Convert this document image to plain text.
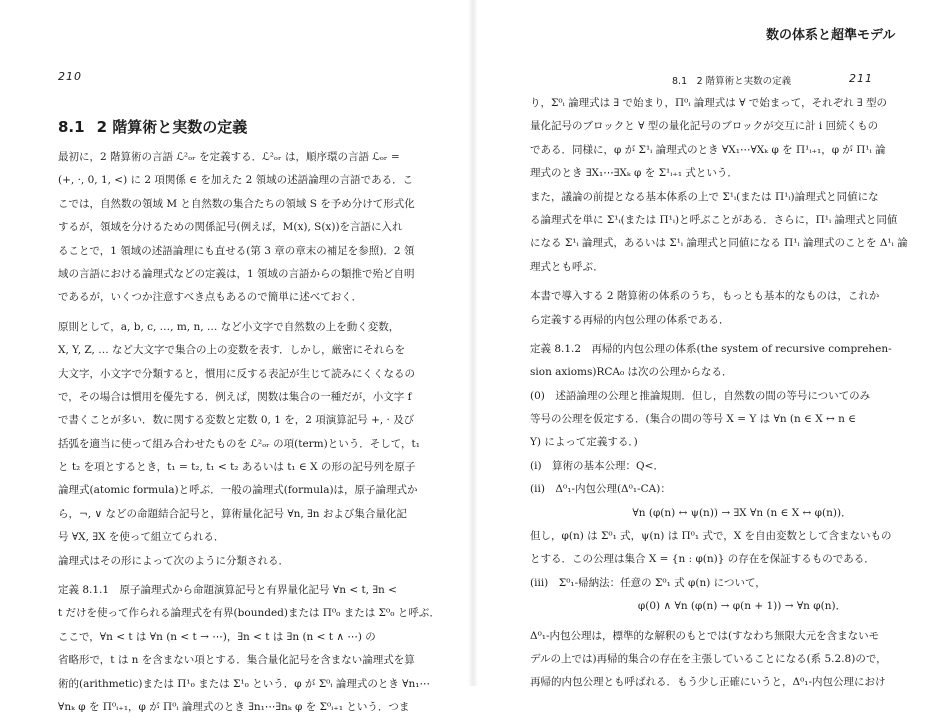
210
8.1 2 階算術と実数の定義
最初に，2 階算術の言語 ℒ²ₒᵣ を定義する．ℒ²ₒᵣ は，順序環の言語 ℒₒᵣ =
(+, ·, 0, 1, <) に 2 項関係 ∈ を加えた 2 領域の述語論理の言語である．こ
こでは，自然数の領域 M と自然数の集合たちの領域 S を予め分けて形式化
するが，領域を分けるための関係記号(例えば，M(x), S(x))を言語に入れ
ることで，1 領域の述語論理にも直せる(第 3 章の章末の補足を参照)．2 領
域の言語における論理式などの定義は，1 領域の言語からの類推で殆ど自明
であるが，いくつか注意すべき点もあるので簡単に述べておく．
原則として，a, b, c, …, m, n, … など小文字で自然数の上を動く変数，
X, Y, Z, … など大文字で集合の上の変数を表す．しかし，厳密にそれらを
大文字，小文字で分類すると，慣用に反する表記が生じて読みにくくなるの
で，その場合は慣用を優先する．例えば，関数は集合の一種だが，小文字 f
で書くことが多い．数に関する変数と定数 0, 1 を，2 項演算記号 +, · 及び
括弧を適当に使って組み合わせたものを ℒ²ₒᵣ の項(term)という．そして，t₁
と t₂ を項とするとき，t₁ = t₂, t₁ < t₂ あるいは t₁ ∈ X の形の記号列を原子
論理式(atomic formula)と呼ぶ．一般の論理式(formula)は，原子論理式か
ら，¬, ∨ などの命題結合記号と，算術量化記号 ∀n, ∃n および集合量化記
号 ∀X, ∃X を使って組立てられる．
論理式はその形によって次のように分類される．
定義 8.1.1　原子論理式から命題演算記号と有界量化記号 ∀n < t, ∃n <
t だけを使って作られる論理式を有界(bounded)または Π⁰₀ または Σ⁰₀ と呼ぶ．
ここで，∀n < t は ∀n (n < t → ⋯)，∃n < t は ∃n (n < t ∧ ⋯) の
省略形で，t は n を含まない項とする．集合量化記号を含まない論理式を算
術的(arithmetic)または Π¹₀ または Σ¹₀ という．φ が Σ⁰ᵢ 論理式のとき ∀n₁⋯
∀nₖ φ を Π⁰ᵢ₊₁，φ が Π⁰ᵢ 論理式のとき ∃n₁⋯∃nₖ φ を Σ⁰ᵢ₊₁ という．つま
数の体系と超準モデル
8.1　2 階算術と実数の定義	211
り，Σ⁰ᵢ 論理式は ∃ で始まり，Π⁰ᵢ 論理式は ∀ で始まって，それぞれ ∃ 型の
量化記号のブロックと ∀ 型の量化記号のブロックが交互に計 i 回続くもの
である．同様に，φ が Σ¹ᵢ 論理式のとき ∀X₁⋯∀Xₖ φ を Π¹ᵢ₊₁，φ が Π¹ᵢ 論
理式のとき ∃X₁⋯∃Xₖ φ を Σ¹ᵢ₊₁ 式という．
また，議論の前提となる基本体系の上で Σ¹ᵢ(または Π¹ᵢ)論理式と同値にな
る論理式を単に Σ¹ᵢ(または Π¹ᵢ)と呼ぶことがある．さらに，Π¹ᵢ 論理式と同値
になる Σ¹ᵢ 論理式，あるいは Σ¹ᵢ 論理式と同値になる Π¹ᵢ 論理式のことを Δ¹ᵢ 論
理式とも呼ぶ．
本書で導入する 2 階算術の体系のうち，もっとも基本的なものは，これか
ら定義する再帰的内包公理の体系である．
定義 8.1.2　再帰的内包公理の体系(the system of recursive comprehen-
sion axioms)RCA₀ は次の公理からなる．
(0)　述語論理の公理と推論規則．但し，自然数の間の等号についてのみ
等号の公理を仮定する．(集合の間の等号 X = Y は ∀n (n ∈ X ↔ n ∈
Y) によって定義する．)
(i)　算術の基本公理：Q<．
(ii)　Δ⁰₁-内包公理(Δ⁰₁-CA)：
∀n (φ(n) ↔ ψ(n)) → ∃X ∀n (n ∈ X ↔ φ(n))．
但し，φ(n) は Σ⁰₁ 式，ψ(n) は Π⁰₁ 式で，X を自由変数として含まないもの
とする．この公理は集合 X = {n : φ(n)} の存在を保証するものである．
(iii)　Σ⁰₁-帰納法：任意の Σ⁰₁ 式 φ(n) について，
φ(0) ∧ ∀n (φ(n) → φ(n + 1)) → ∀n φ(n)．
Δ⁰₁-内包公理は，標準的な解釈のもとでは(すなわち無限大元を含まないモ
デルの上では)再帰的集合の存在を主張していることになる(系 5.2.8)ので，
再帰的内包公理とも呼ばれる．もう少し正確にいうと，Δ⁰₁-内包公理におけ
